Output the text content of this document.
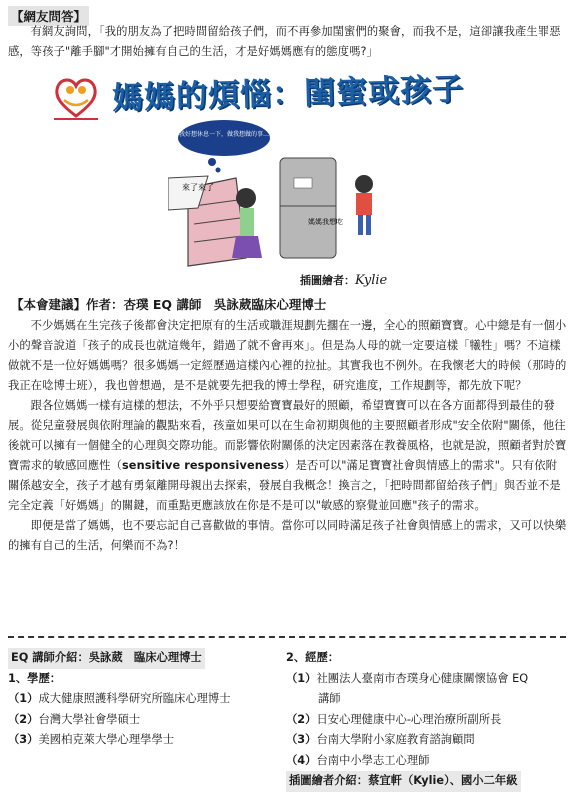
【網友問答】

有網友詢問，「我的朋友為了把時間留給孩子們，而不再參加閨蜜們的聚會，而我不是，這卻讓我產生罪惡感，等孩子"離手腳"才開始擁有自己的生活，才是好媽媽應有的態度嗎?」

媽媽的煩惱：閨蜜或孩子
我好想休息一下，做我想做的事…
來了來了
媽媽我想吃
插圖繪者：Kylie
【本會建議】作者：杏璞 EQ 講師　吳詠葳臨床心理博士

不少媽媽在生完孩子後都會決定把原有的生活或職涯規劃先擱在一邊，全心的照顧寶寶。心中總是有一個小小的聲音說道「孩子的成長也就這幾年，錯過了就不會再來」。但是為人母的就一定要這樣「犧牲」嗎？不這樣做就不是一位好媽媽嗎？很多媽媽一定經歷過這樣內心裡的拉扯。其實我也不例外。在我懷老大的時候（那時的我正在唸博士班），我也曾想過，是不是就要先把我的博士學程，研究進度，工作規劃等，都先放下呢？

跟各位媽媽一樣有這樣的想法，不外乎只想要給寶寶最好的照顧，希望寶寶可以在各方面都得到最佳的發展。從兒童發展與依附理論的觀點來看，孩童如果可以在生命初期與他的主要照顧者形成"安全依附"關係，他往後就可以擁有一個健全的心理與交際功能。而影響依附關係的決定因素落在教養風格，也就是說，照顧者對於寶寶需求的敏感回應性（sensitive responsiveness）是否可以"滿足寶寶社會與情感上的需求"。只有依附關係越安全，孩子才越有勇氣離開母親出去探索，發展自我概念！換言之，「把時間都留給孩子們」與否並不是完全定義「好媽媽」的關鍵，而重點更應該放在你是不是可以"敏感的察覺並回應"孩子的需求。

即便是當了媽媽，也不要忘記自己喜歡做的事情。當你可以同時滿足孩子社會與情感上的需求，又可以快樂的擁有自己的生活，何樂而不為?！

EQ 講師介紹：吳詠葳　臨床心理博士
1、學歷：
（1）成大健康照護科學研究所臨床心理博士
（2）台灣大學社會學碩士
（3）美國柏克萊大學心理學學士
2、經歷：
（1）社團法人臺南市杏璞身心健康關懷協會 EQ
講師
（2）日安心理健康中心-心理治療所副所長
（3）台南大學附小家庭教育諮詢顧問
（4）台南中小學志工心理師
插圖繪者介紹：蔡宜軒（Kylie）、國小二年級
